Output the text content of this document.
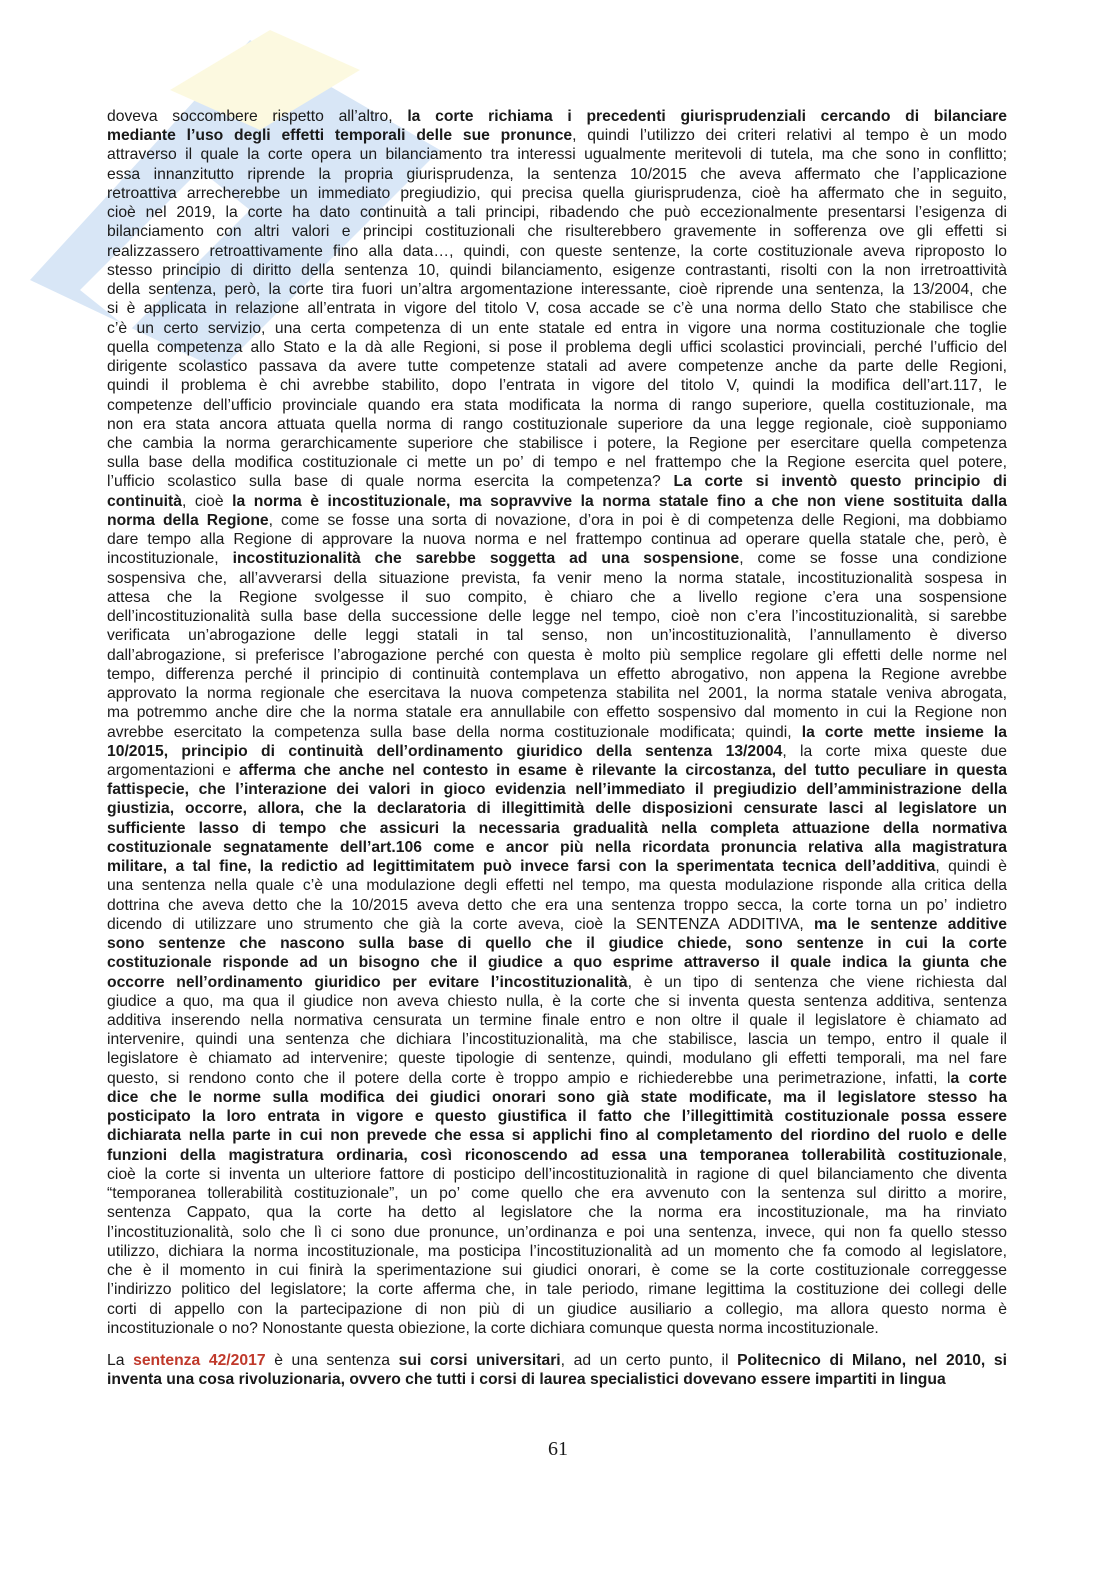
doveva soccombere rispetto all’altro, la corte richiama i precedenti giurisprudenziali cercando di bilanciare
mediante l’uso degli effetti temporali delle sue pronunce, quindi l’utilizzo dei criteri relativi al tempo è un modo
attraverso il quale la corte opera un bilanciamento tra interessi ugualmente meritevoli di tutela, ma che sono in conflitto;
essa innanzitutto riprende la propria giurisprudenza, la sentenza 10/2015 che aveva affermato che l’applicazione
retroattiva arrecherebbe un immediato pregiudizio, qui precisa quella giurisprudenza, cioè ha affermato che in seguito,
cioè nel 2019, la corte ha dato continuità a tali principi, ribadendo che può eccezionalmente presentarsi l’esigenza di
bilanciamento con altri valori e principi costituzionali che risulterebbero gravemente in sofferenza ove gli effetti si
realizzassero retroattivamente fino alla data…, quindi, con queste sentenze, la corte costituzionale aveva riproposto lo
stesso principio di diritto della sentenza 10, quindi bilanciamento, esigenze contrastanti, risolti con la non irretroattività
della sentenza, però, la corte tira fuori un’altra argomentazione interessante, cioè riprende una sentenza, la 13/2004, che
si è applicata in relazione all’entrata in vigore del titolo V, cosa accade se c’è una norma dello Stato che stabilisce che
c’è un certo servizio, una certa competenza di un ente statale ed entra in vigore una norma costituzionale che toglie
quella competenza allo Stato e la dà alle Regioni, si pose il problema degli uffici scolastici provinciali, perché l’ufficio del
dirigente scolastico passava da avere tutte competenze statali ad avere competenze anche da parte delle Regioni,
quindi il problema è chi avrebbe stabilito, dopo l’entrata in vigore del titolo V, quindi la modifica dell’art.117, le
competenze dell’ufficio provinciale quando era stata modificata la norma di rango superiore, quella costituzionale, ma
non era stata ancora attuata quella norma di rango costituzionale superiore da una legge regionale, cioè supponiamo
che cambia la norma gerarchicamente superiore che stabilisce i potere, la Regione per esercitare quella competenza
sulla base della modifica costituzionale ci mette un po’ di tempo e nel frattempo che la Regione esercita quel potere,
l’ufficio scolastico sulla base di quale norma esercita la competenza? La corte si inventò questo principio di
continuità, cioè la norma è incostituzionale, ma sopravvive la norma statale fino a che non viene sostituita dalla
norma della Regione, come se fosse una sorta di novazione, d’ora in poi è di competenza delle Regioni, ma dobbiamo
dare tempo alla Regione di approvare la nuova norma e nel frattempo continua ad operare quella statale che, però, è
incostituzionale, incostituzionalità che sarebbe soggetta ad una sospensione, come se fosse una condizione
sospensiva che, all’avverarsi della situazione prevista, fa venir meno la norma statale, incostituzionalità sospesa in
attesa che la Regione svolgesse il suo compito, è chiaro che a livello regione c’era una sospensione
dell’incostituzionalità sulla base della successione delle legge nel tempo, cioè non c’era l’incostituzionalità, si sarebbe
verificata un’abrogazione delle leggi statali in tal senso, non un’incostituzionalità, l’annullamento è diverso
dall’abrogazione, si preferisce l’abrogazione perché con questa è molto più semplice regolare gli effetti delle norme nel
tempo, differenza perché il principio di continuità contemplava un effetto abrogativo, non appena la Regione avrebbe
approvato la norma regionale che esercitava la nuova competenza stabilita nel 2001, la norma statale veniva abrogata,
ma potremmo anche dire che la norma statale era annullabile con effetto sospensivo dal momento in cui la Regione non
avrebbe esercitato la competenza sulla base della norma costituzionale modificata; quindi, la corte mette insieme la
10/2015, principio di continuità dell’ordinamento giuridico della sentenza 13/2004, la corte mixa queste due
argomentazioni e afferma che anche nel contesto in esame è rilevante la circostanza, del tutto peculiare in questa
fattispecie, che l’interazione dei valori in gioco evidenzia nell’immediato il pregiudizio dell’amministrazione della
giustizia, occorre, allora, che la declaratoria di illegittimità delle disposizioni censurate lasci al legislatore un
sufficiente lasso di tempo che assicuri la necessaria gradualità nella completa attuazione della normativa
costituzionale segnatamente dell’art.106 come e ancor più nella ricordata pronuncia relativa alla magistratura
militare, a tal fine, la redictio ad legittimitatem può invece farsi con la sperimentata tecnica dell’additiva, quindi è
una sentenza nella quale c’è una modulazione degli effetti nel tempo, ma questa modulazione risponde alla critica della
dottrina che aveva detto che la 10/2015 aveva detto che era una sentenza troppo secca, la corte torna un po’ indietro
dicendo di utilizzare uno strumento che già la corte aveva, cioè la SENTENZA ADDITIVA, ma le sentenze additive
sono sentenze che nascono sulla base di quello che il giudice chiede, sono sentenze in cui la corte
costituzionale risponde ad un bisogno che il giudice a quo esprime attraverso il quale indica la giunta che
occorre nell’ordinamento giuridico per evitare l’incostituzionalità, è un tipo di sentenza che viene richiesta dal
giudice a quo, ma qua il giudice non aveva chiesto nulla, è la corte che si inventa questa sentenza additiva, sentenza
additiva inserendo nella normativa censurata un termine finale entro e non oltre il quale il legislatore è chiamato ad
intervenire, quindi una sentenza che dichiara l’incostituzionalità, ma che stabilisce, lascia un tempo, entro il quale il
legislatore è chiamato ad intervenire; queste tipologie di sentenze, quindi, modulano gli effetti temporali, ma nel fare
questo, si rendono conto che il potere della corte è troppo ampio e richiederebbe una perimetrazione, infatti, la corte
dice che le norme sulla modifica dei giudici onorari sono già state modificate, ma il legislatore stesso ha
posticipato la loro entrata in vigore e questo giustifica il fatto che l’illegittimità costituzionale possa essere
dichiarata nella parte in cui non prevede che essa si applichi fino al completamento del riordino del ruolo e delle
funzioni della magistratura ordinaria, così riconoscendo ad essa una temporanea tollerabilità costituzionale,
cioè la corte si inventa un ulteriore fattore di posticipo dell’incostituzionalità in ragione di quel bilanciamento che diventa
“temporanea tollerabilità costituzionale”, un po’ come quello che era avvenuto con la sentenza sul diritto a morire,
sentenza Cappato, qua la corte ha detto al legislatore che la norma era incostituzionale, ma ha rinviato
l’incostituzionalità, solo che lì ci sono due pronunce, un’ordinanza e poi una sentenza, invece, qui non fa quello stesso
utilizzo, dichiara la norma incostituzionale, ma posticipa l’incostituzionalità ad un momento che fa comodo al legislatore,
che è il momento in cui finirà la sperimentazione sui giudici onorari, è come se la corte costituzionale correggesse
l’indirizzo politico del legislatore; la corte afferma che, in tale periodo, rimane legittima la costituzione dei collegi delle
corti di appello con la partecipazione di non più di un giudice ausiliario a collegio, ma allora questo norma è
incostituzionale o no? Nonostante questa obiezione, la corte dichiara comunque questa norma incostituzionale.

La sentenza 42/2017 è una sentenza sui corsi universitari, ad un certo punto, il Politecnico di Milano, nel 2010, si
inventa una cosa rivoluzionaria, ovvero che tutti i corsi di laurea specialistici dovevano essere impartiti in lingua

61
